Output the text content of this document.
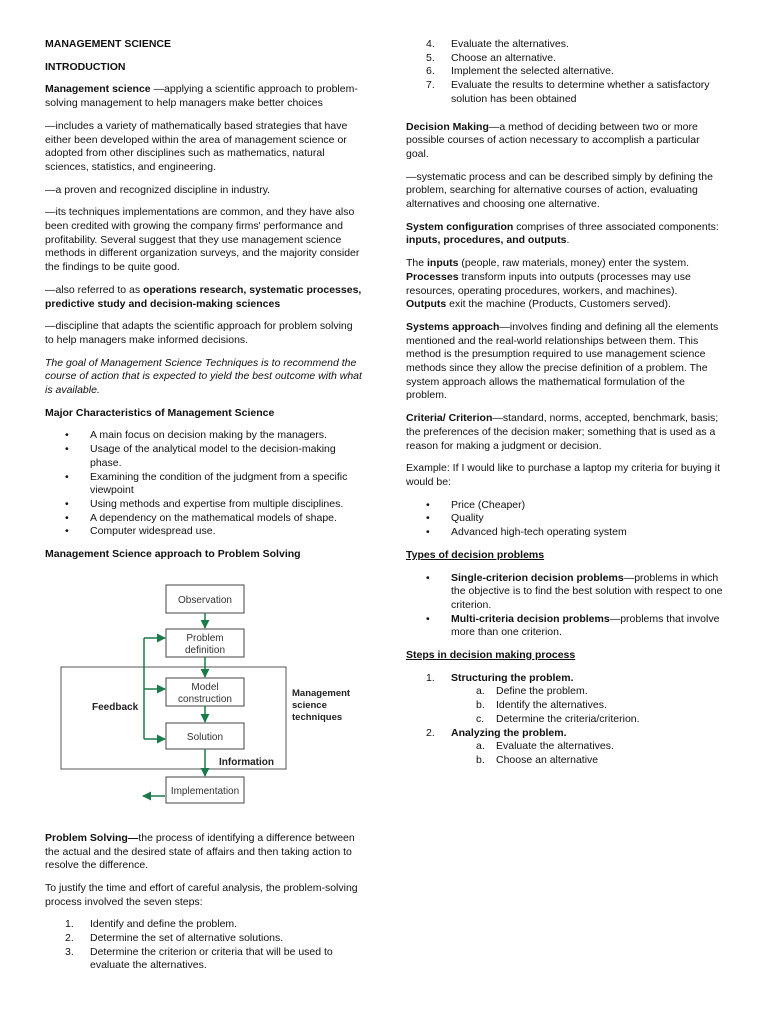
MANAGEMENT SCIENCE

INTRODUCTION

Management science —applying a scientific approach to problem-solving management to help managers make better choices

—includes a variety of mathematically based strategies that have either been developed within the area of management science or adopted from other disciplines such as mathematics, natural sciences, statistics, and engineering.

—a proven and recognized discipline in industry.

—its techniques implementations are common, and they have also been credited with growing the company firms' performance and profitability. Several suggest that they use management science methods in different organization surveys, and the majority consider the findings to be quite good.

—also referred to as operations research, systematic processes, predictive study and decision-making sciences

—discipline that adapts the scientific approach for problem solving to help managers make informed decisions.

The goal of Management Science Techniques is to recommend the course of action that is expected to yield the best outcome with what is available.

Major Characteristics of Management Science

•
A main focus on decision making by the managers.
•
Usage of the analytical model to the decision-making phase.
•
Examining the condition of the judgment from a specific viewpoint
•
Using methods and expertise from multiple disciplines.
•
A dependency on the mathematical models of shape.
•
Computer widespread use.

Management Science approach to Problem Solving

Observation
Problem
definition
Model
construction
Solution
Implementation
Feedback
Information
Management
science
techniques

Problem Solving—the process of identifying a difference between the actual and the desired state of affairs and then taking action to resolve the difference.

To justify the time and effort of careful analysis, the problem-solving process involved the seven steps:

1.	Identify and define the problem.
2.	Determine the set of alternative solutions.
3.	Determine the criterion or criteria that will be used to evaluate the alternatives.
4.	Evaluate the alternatives.
5.	Choose an alternative.
6.	Implement the selected alternative.
7.	Evaluate the results to determine whether a satisfactory solution has been obtained

Decision Making—a method of deciding between two or more possible courses of action necessary to accomplish a particular goal.

—systematic process and can be described simply by defining the problem, searching for alternative courses of action, evaluating alternatives and choosing one alternative.

System configuration comprises of three associated components: inputs, procedures, and outputs.

The inputs (people, raw materials, money) enter the system.
Processes transform inputs into outputs (processes may use resources, operating procedures, workers, and machines).
Outputs exit the machine (Products, Customers served).

Systems approach—involves finding and defining all the elements mentioned and the real-world relationships between them. This method is the presumption required to use management science methods since they allow the precise definition of a problem. The system approach allows the mathematical formulation of the problem.

Criteria/ Criterion—standard, norms, accepted, benchmark, basis; the preferences of the decision maker; something that is used as a reason for making a judgment or decision.

Example: If I would like to purchase a laptop my criteria for buying it would be:

•
Price (Cheaper)
•
Quality
•
Advanced high-tech operating system

Types of decision problems

•
Single-criterion decision problems—problems in which the objective is to find the best solution with respect to one criterion.
•
Multi-criteria decision problems—problems that involve more than one criterion.

Steps in decision making process

1.	Structuring the problem.
a.	Define the problem.
b.	Identify the alternatives.
c.	Determine the criteria/criterion.
2.	Analyzing the problem.
a.	Evaluate the alternatives.
b.	Choose an alternative
